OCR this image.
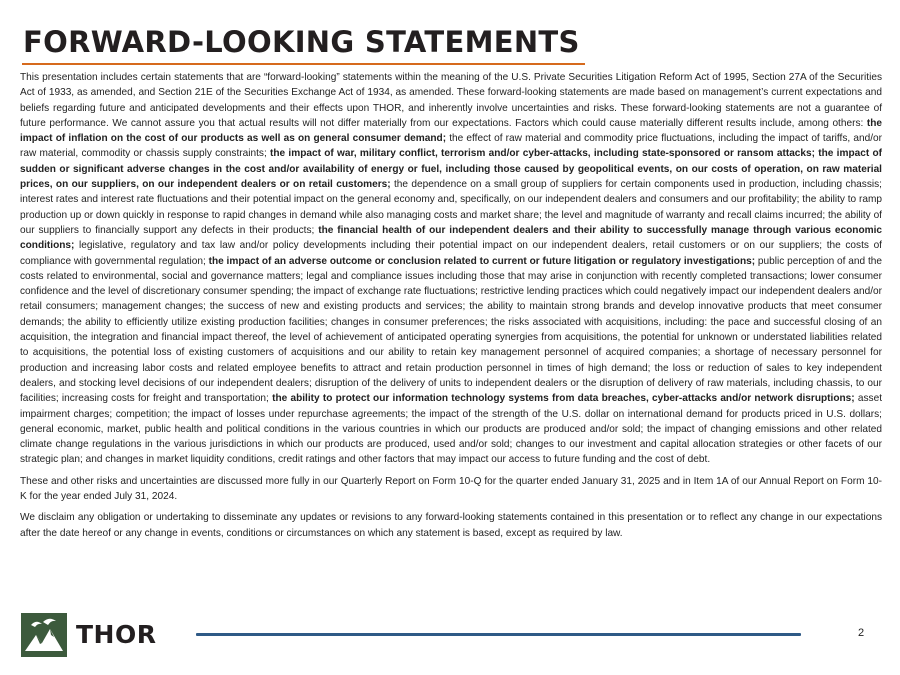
FORWARD-LOOKING STATEMENTS

This presentation includes certain statements that are “forward-looking” statements within the meaning of the U.S. Private Securities Litigation Reform Act of 1995, Section 27A of the Securities Act of 1933, as amended, and Section 21E of the Securities Exchange Act of 1934, as amended. These forward-looking statements are made based on management’s current expectations and beliefs regarding future and anticipated developments and their effects upon THOR, and inherently involve uncertainties and risks. These forward-looking statements are not a guarantee of future performance. We cannot assure you that actual results will not differ materially from our expectations. Factors which could cause materially different results include, among others: the impact of inflation on the cost of our products as well as on general consumer demand; the effect of raw material and commodity price fluctuations, including the impact of tariffs, and/or raw material, commodity or chassis supply constraints; the impact of war, military conflict, terrorism and/or cyber-attacks, including state-sponsored or ransom attacks; the impact of sudden or significant adverse changes in the cost and/or availability of energy or fuel, including those caused by geopolitical events, on our costs of operation, on raw material prices, on our suppliers, on our independent dealers or on retail customers; the dependence on a small group of suppliers for certain components used in production, including chassis; interest rates and interest rate fluctuations and their potential impact on the general economy and, specifically, on our independent dealers and consumers and our profitability; the ability to ramp production up or down quickly in response to rapid changes in demand while also managing costs and market share; the level and magnitude of warranty and recall claims incurred; the ability of our suppliers to financially support any defects in their products; the financial health of our independent dealers and their ability to successfully manage through various economic conditions; legislative, regulatory and tax law and/or policy developments including their potential impact on our independent dealers, retail customers or on our suppliers; the costs of compliance with governmental regulation; the impact of an adverse outcome or conclusion related to current or future litigation or regulatory investigations; public perception of and the costs related to environmental, social and governance matters; legal and compliance issues including those that may arise in conjunction with recently completed transactions; lower consumer confidence and the level of discretionary consumer spending; the impact of exchange rate fluctuations; restrictive lending practices which could negatively impact our independent dealers and/or retail consumers; management changes; the success of new and existing products and services; the ability to maintain strong brands and develop innovative products that meet consumer demands; the ability to efficiently utilize existing production facilities; changes in consumer preferences; the risks associated with acquisitions, including: the pace and successful closing of an acquisition, the integration and financial impact thereof, the level of achievement of anticipated operating synergies from acquisitions, the potential for unknown or understated liabilities related to acquisitions, the potential loss of existing customers of acquisitions and our ability to retain key management personnel of acquired companies; a shortage of necessary personnel for production and increasing labor costs and related employee benefits to attract and retain production personnel in times of high demand; the loss or reduction of sales to key independent dealers, and stocking level decisions of our independent dealers; disruption of the delivery of units to independent dealers or the disruption of delivery of raw materials, including chassis, to our facilities; increasing costs for freight and transportation; the ability to protect our information technology systems from data breaches, cyber-attacks and/or network disruptions; asset impairment charges; competition; the impact of losses under repurchase agreements; the impact of the strength of the U.S. dollar on international demand for products priced in U.S. dollars; general economic, market, public health and political conditions in the various countries in which our products are produced and/or sold; the impact of changing emissions and other related climate change regulations in the various jurisdictions in which our products are produced, used and/or sold; changes to our investment and capital allocation strategies or other facets of our strategic plan; and changes in market liquidity conditions, credit ratings and other factors that may impact our access to future funding and the cost of debt.

These and other risks and uncertainties are discussed more fully in our Quarterly Report on Form 10-Q for the quarter ended January 31, 2025 and in Item 1A of our Annual Report on Form 10-K for the year ended July 31, 2024.

We disclaim any obligation or undertaking to disseminate any updates or revisions to any forward-looking statements contained in this presentation or to reflect any change in our expectations after the date hereof or any change in events, conditions or circumstances on which any statement is based, except as required by law.

THOR	2
